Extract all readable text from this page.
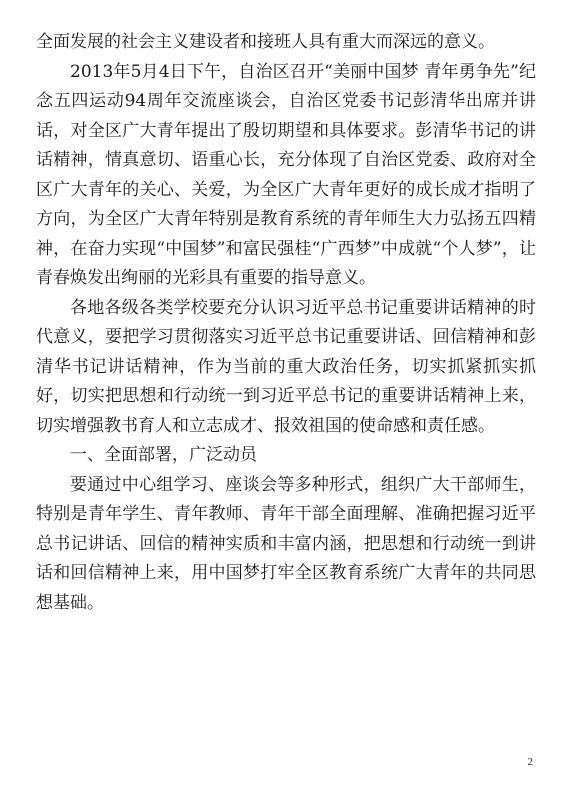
全面发展的社会主义建设者和接班人具有重大而深远的意义。

2013年5月4日下午，自治区召开“美丽中国梦 青年勇争先”纪念五四运动94周年交流座谈会，自治区党委书记彭清华出席并讲话，对全区广大青年提出了殷切期望和具体要求。彭清华书记的讲话精神，情真意切、语重心长，充分体现了自治区党委、政府对全区广大青年的关心、关爱，为全区广大青年更好的成长成才指明了方向，为全区广大青年特别是教育系统的青年师生大力弘扬五四精神，在奋力实现“中国梦”和富民强桂“广西梦”中成就“个人梦”，让青春焕发出绚丽的光彩具有重要的指导意义。

各地各级各类学校要充分认识习近平总书记重要讲话精神的时代意义，要把学习贯彻落实习近平总书记重要讲话、回信精神和彭清华书记讲话精神，作为当前的重大政治任务，切实抓紧抓实抓好，切实把思想和行动统一到习近平总书记的重要讲话精神上来，切实增强教书育人和立志成才、报效祖国的使命感和责任感。

一、全面部署，广泛动员

要通过中心组学习、座谈会等多种形式，组织广大干部师生，特别是青年学生、青年教师、青年干部全面理解、准确把握习近平总书记讲话、回信的精神实质和丰富内涵，把思想和行动统一到讲话和回信精神上来，用中国梦打牢全区教育系统广大青年的共同思想基础。

2
